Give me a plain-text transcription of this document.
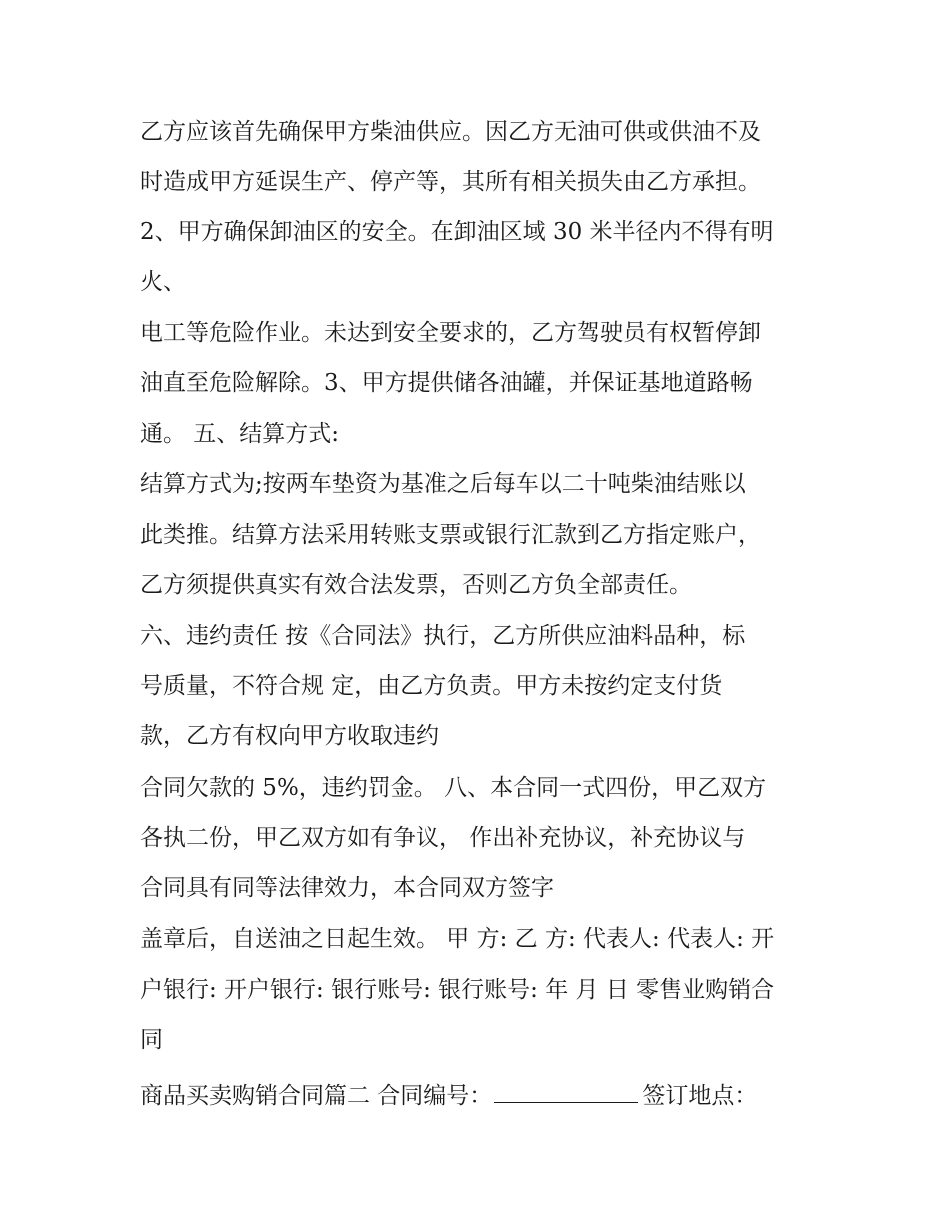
乙方应该首先确保甲方柴油供应。因乙方无油可供或供油不及

时造成甲方延误生产、停产等，其所有相关损失由乙方承担。

2、甲方确保卸油区的安全。在卸油区域 30 米半径内不得有明

火、

电工等危险作业。未达到安全要求的，乙方驾驶员有权暂停卸

油直至危险解除。3、甲方提供储各油罐，并保证基地道路畅

通。 五、结算方式:

结算方式为;按两车垫资为基准之后每车以二十吨柴油结账以

此类推。结算方法采用转账支票或银行汇款到乙方指定账户，

乙方须提供真实有效合法发票，否则乙方负全部责任。

六、违约责任 按《合同法》执行，乙方所供应油料品种，标

号质量，不符合规 定，由乙方负责。甲方未按约定支付货

款，乙方有权向甲方收取违约

合同欠款的 5%，违约罚金。 八、本合同一式四份，甲乙双方

各执二份，甲乙双方如有争议， 作出补充协议，补充协议与

合同具有同等法律效力，本合同双方签字

盖章后，自送油之日起生效。 甲 方: 乙 方: 代表人: 代表人: 开

户银行: 开户银行: 银行账号: 银行账号: 年 月 日 零售业购销合

同

商品买卖购销合同篇二 合同编号：	签订地点：
